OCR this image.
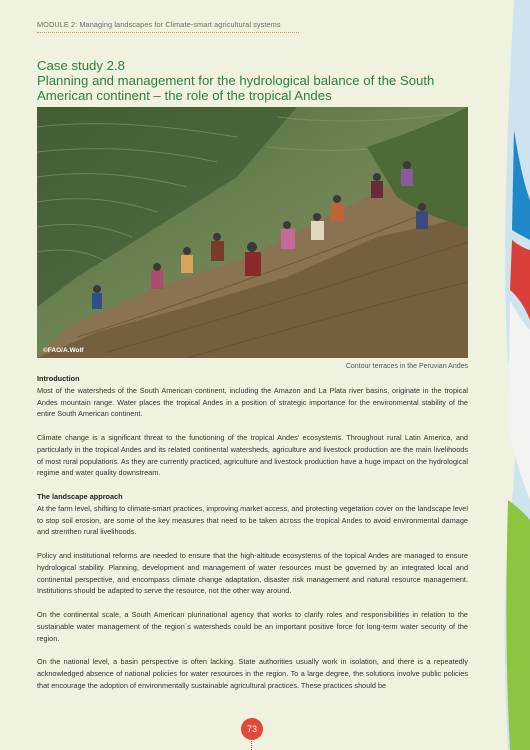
MODULE 2: Managing landscapes for Climate-smart agricultural systems
Case study 2.8
Planning and management for the hydrological balance of the South American continent – the role of the tropical Andes
©FAO/A.Wolf
Contour terraces in the Peruvian Andes
Introduction

Most of the watersheds of the South American continent, including the Amazon and La Plata river basins, originate in the tropical Andes mountain range. Water places the tropical Andes in a position of strategic importance for the environmental stability of the entire South American continent.

Climate change is a significant threat to the functioning of the tropical Andes' ecosystems. Throughout rural Latin America, and particularly in the tropical Andes and its related continental watersheds, agriculture and livestock production are the main livelihoods of most rural populations. As they are currently practiced, agriculture and livestock production have a huge impact on the hydrological regime and water quality downstream.

The landscape approach

At the farm level, shifting to climate-smart practices, improving market access, and protecting vegetation cover on the landscape level to stop soil erosion, are some of the key measures that need to be taken across the tropical Andes to avoid environmental damage and strenthen rural livelihoods.

Policy and institutional reforms are needed to ensure that the high-altitude ecosystems of the topical Andes are managed to ensure hydrological stability. Planning, development and management of water resources must be governed by an integrated local and continental perspective, and encompass climate change adaptation, disaster risk management and natural resource management. Institutions should be adapted to serve the resource, not the other way around.

On the continental scale, a South American plurinational agency that works to clarify roles and responsibilities in relation to the sustainable water management of the region´s watersheds could be an important positive force for long-term water security of the region.

On the national level, a basin perspective is often lacking. State authorities usually work in isolation, and there is a repeatedly acknowledged absence of national policies for water resources in the region. To a large degree, the solutions involve public policies that encourage the adoption of environmentally sustainable agricultural practices. These practices should be

73
